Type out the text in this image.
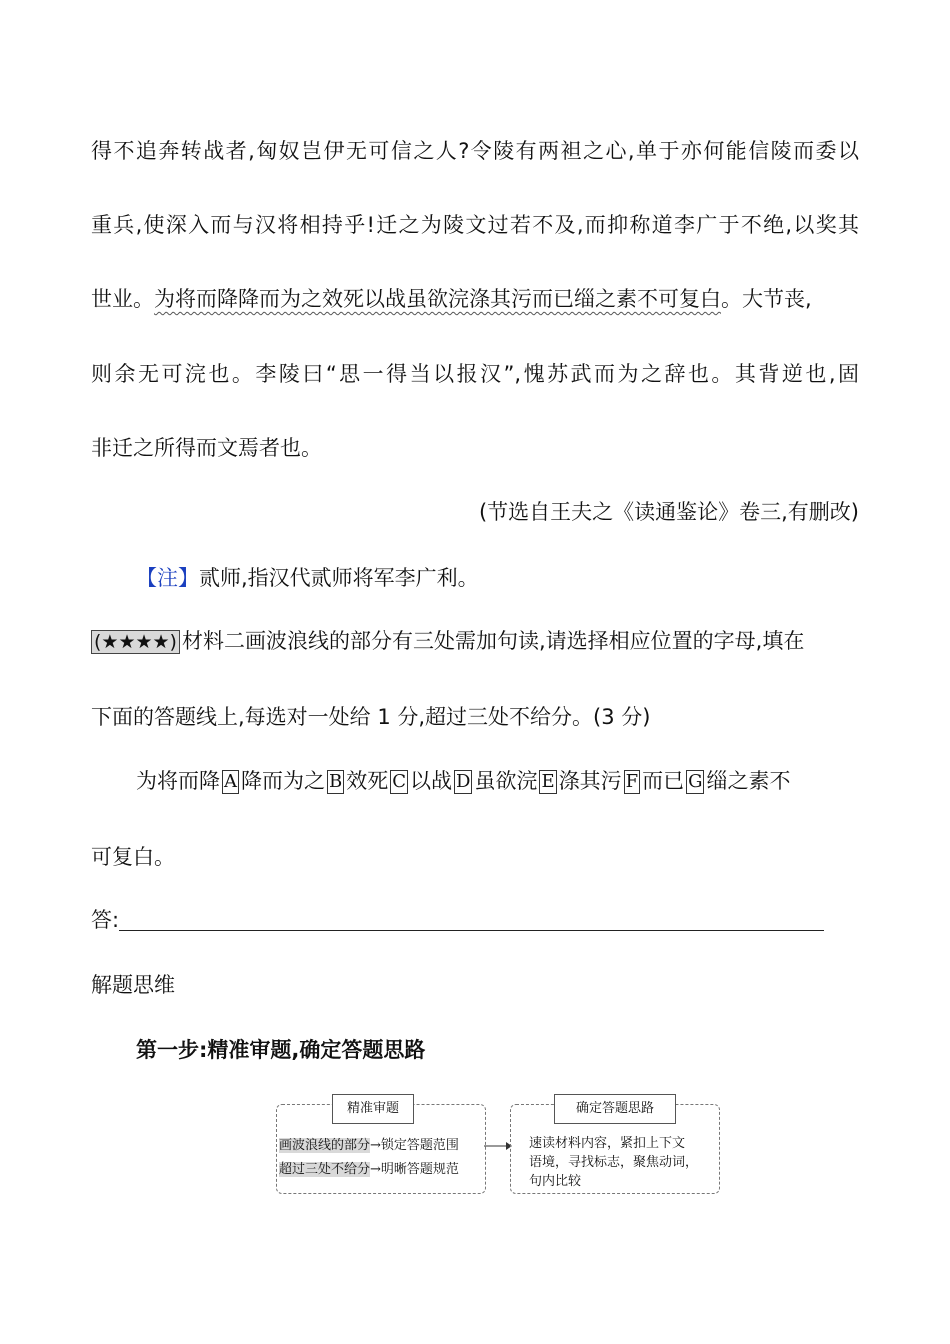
得不追奔转战者,匈奴岂伊无可信之人?令陵有两袒之心,单于亦何能信陵而委以
重兵,使深入而与汉将相持乎!迁之为陵文过若不及,而抑称道李广于不绝,以奖其
世业。为将而降降而为之效死以战虽欲浣涤其污而已缁之素不可复白。大节丧,
则余无可浣也。李陵曰“思一得当以报汉”,愧苏武而为之辞也。其背逆也,固
非迁之所得而文焉者也。
(节选自王夫之《读通鉴论》卷三,有删改)
【注】贰师,指汉代贰师将军李广利。
(★★★★) 材料二画波浪线的部分有三处需加句读,请选择相应位置的字母,填在
下面的答题线上,每选对一处给 1 分,超过三处不给分。(3 分)
为将而降 A 降而为之 B 效死 C 以战 D 虽欲浣 E 涤其污 F 而已 G 缁之素不
可复白。
答:
解题思维
第一步:精准审题,确定答题思路
精准审题
画波浪线的部分→锁定答题范围
超过三处不给分→明晰答题规范
确定答题思路
速读材料内容，紧扣上下文
语境，寻找标志，聚焦动词，
句内比较
